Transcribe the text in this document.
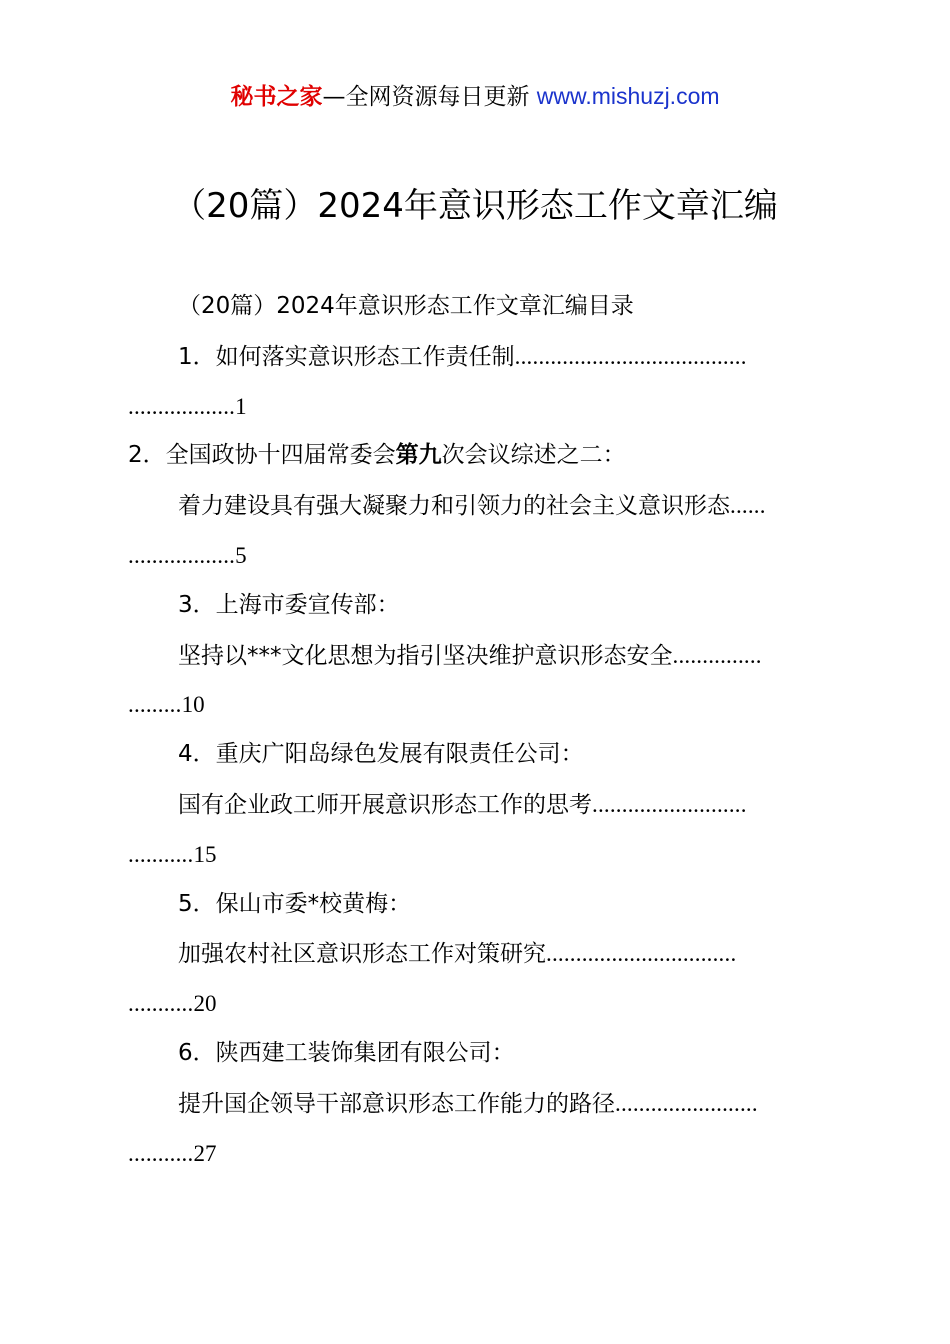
秘书之家—全网资源每日更新 www.mishuzj.com
（20篇）2024年意识形态工作文章汇编
（20篇）2024年意识形态工作文章汇编目录
1．如何落实意识形态工作责任制.......................................
..................1
2．全国政协十四届常委会第九次会议综述之二：
着力建设具有强大凝聚力和引领力的社会主义意识形态......
..................5
3．上海市委宣传部：
坚持以***文化思想为指引坚决维护意识形态安全...............
.........10
4．重庆广阳岛绿色发展有限责任公司：
国有企业政工师开展意识形态工作的思考..........................
...........15
5．保山市委*校黄梅：
加强农村社区意识形态工作对策研究................................
...........20
6．陕西建工装饰集团有限公司：
提升国企领导干部意识形态工作能力的路径........................
...........27
